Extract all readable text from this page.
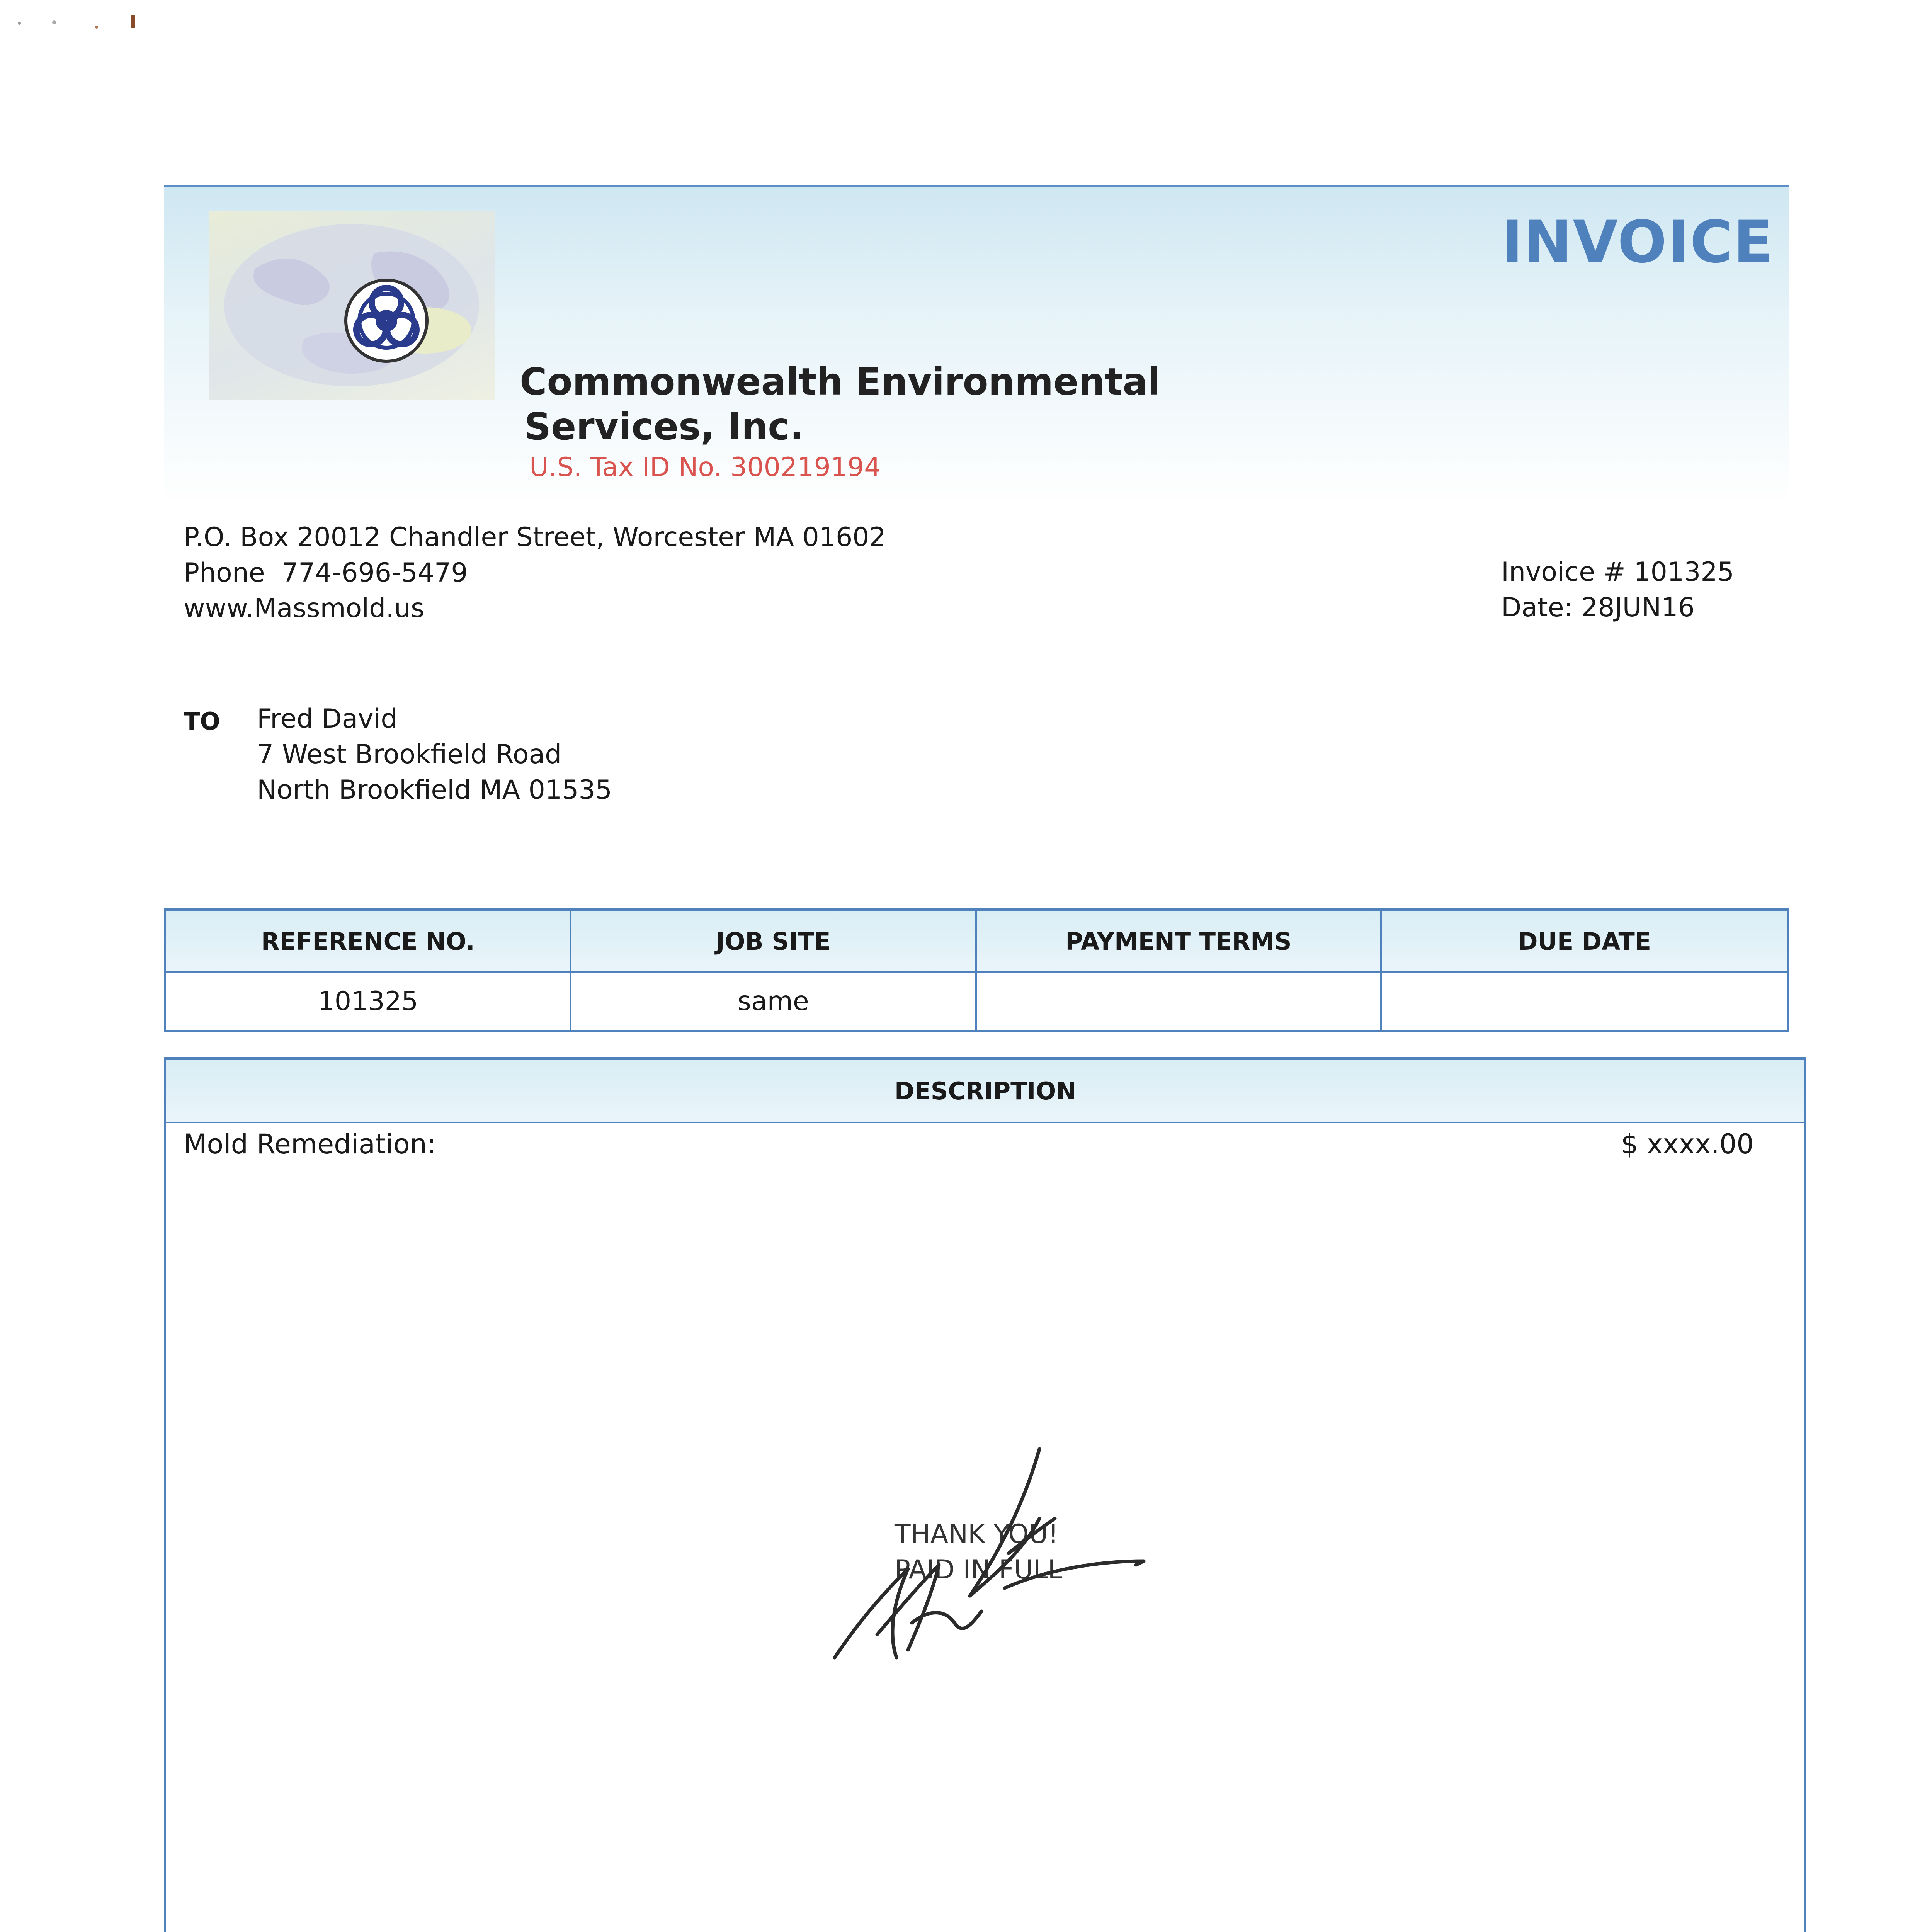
INVOICE
Commonwealth Environmental
Services, Inc.
U.S. Tax ID No. 300219194
P.O. Box 20012 Chandler Street, Worcester MA 01602
Phone  774-696-5479
www.Massmold.us
Invoice # 101325
Date: 28JUN16
TO Fred David
7 West Brookfield Road
North Brookfield MA 01535
REFERENCE NO.	JOB SITE	PAYMENT TERMS	DUE DATE
101325	same
DESCRIPTION
Mold Remediation:	$ xxxx.00
THANK YOU!
PAID IN FULL
